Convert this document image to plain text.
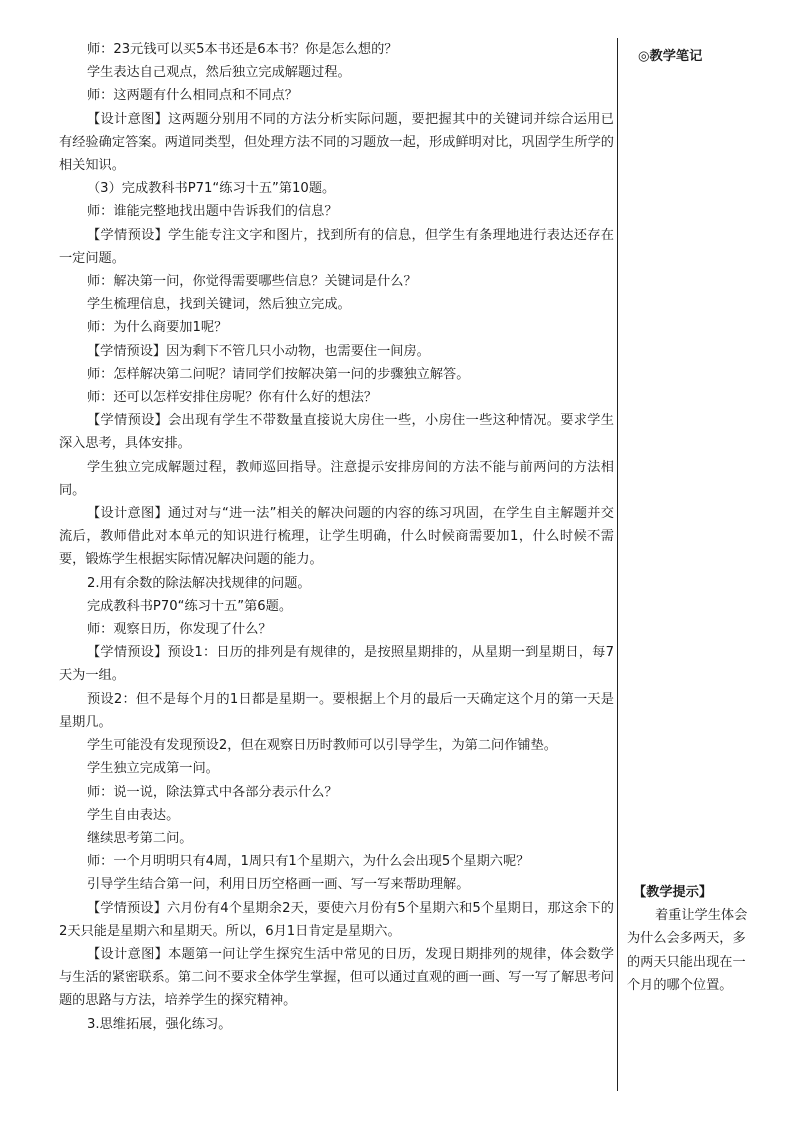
师：23元钱可以买5本书还是6本书？你是怎么想的？

学生表达自己观点，然后独立完成解题过程。

师：这两题有什么相同点和不同点？

【设计意图】这两题分别用不同的方法分析实际问题，要把握其中的关键词并综合运用已有经验确定答案。两道同类型，但处理方法不同的习题放一起，形成鲜明对比，巩固学生所学的相关知识。

（3）完成教科书P71“练习十五”第10题。

师：谁能完整地找出题中告诉我们的信息？

【学情预设】学生能专注文字和图片，找到所有的信息，但学生有条理地进行表达还存在一定问题。

师：解决第一问，你觉得需要哪些信息？关键词是什么？

学生梳理信息，找到关键词，然后独立完成。

师：为什么商要加1呢？

【学情预设】因为剩下不管几只小动物，也需要住一间房。

师：怎样解决第二问呢？请同学们按解决第一问的步骤独立解答。

师：还可以怎样安排住房呢？你有什么好的想法？

【学情预设】会出现有学生不带数量直接说大房住一些，小房住一些这种情况。要求学生深入思考，具体安排。

学生独立完成解题过程，教师巡回指导。注意提示安排房间的方法不能与前两问的方法相同。

【设计意图】通过对与“进一法”相关的解决问题的内容的练习巩固，在学生自主解题并交流后，教师借此对本单元的知识进行梳理，让学生明确，什么时候商需要加1，什么时候不需要，锻炼学生根据实际情况解决问题的能力。

2.用有余数的除法解决找规律的问题。

完成教科书P70“练习十五”第6题。

师：观察日历，你发现了什么？

【学情预设】预设1：日历的排列是有规律的，是按照星期排的，从星期一到星期日，每7天为一组。

预设2：但不是每个月的1日都是星期一。要根据上个月的最后一天确定这个月的第一天是星期几。

学生可能没有发现预设2，但在观察日历时教师可以引导学生，为第二问作铺垫。

学生独立完成第一问。

师：说一说，除法算式中各部分表示什么？

学生自由表达。

继续思考第二问。

师：一个月明明只有4周，1周只有1个星期六，为什么会出现5个星期六呢？

引导学生结合第一问，利用日历空格画一画、写一写来帮助理解。

【学情预设】六月份有4个星期余2天，要使六月份有5个星期六和5个星期日，那这余下的2天只能是星期六和星期天。所以，6月1日肯定是星期六。

【设计意图】本题第一问让学生探究生活中常见的日历，发现日期排列的规律，体会数学与生活的紧密联系。第二问不要求全体学生掌握，但可以通过直观的画一画、写一写了解思考问题的思路与方法，培养学生的探究精神。

3.思维拓展，强化练习。

◎教学笔记
【教学提示】

着重让学生体会为什么会多两天，多的两天只能出现在一个月的哪个位置。
